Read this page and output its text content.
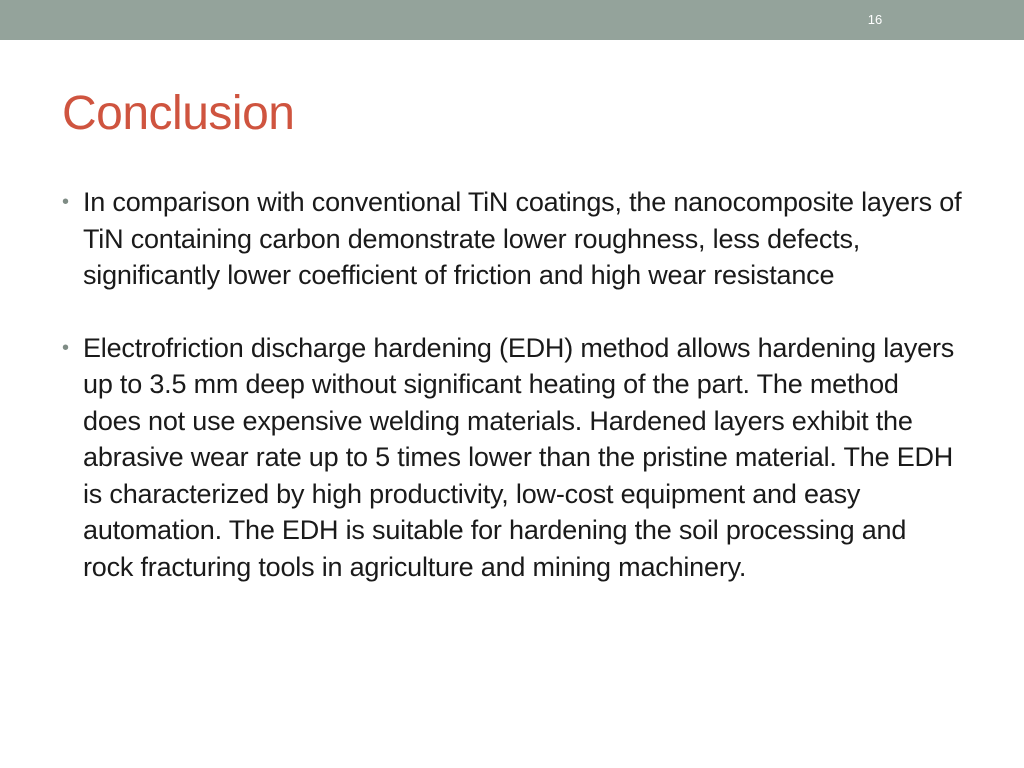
16
Conclusion
• In comparison with conventional TiN coatings, the nanocomposite layers of TiN containing carbon demonstrate lower roughness, less defects, significantly lower coefficient of friction and high wear resistance
• Electrofriction discharge hardening (EDH) method allows hardening layers up to 3.5 mm deep without significant heating of the part. The method does not use expensive welding materials. Hardened layers exhibit the abrasive wear rate up to 5 times lower than the pristine material. The EDH is characterized by high productivity, low-cost equipment and easy automation. The EDH is suitable for hardening the soil processing and rock fracturing tools in agriculture and mining machinery.
